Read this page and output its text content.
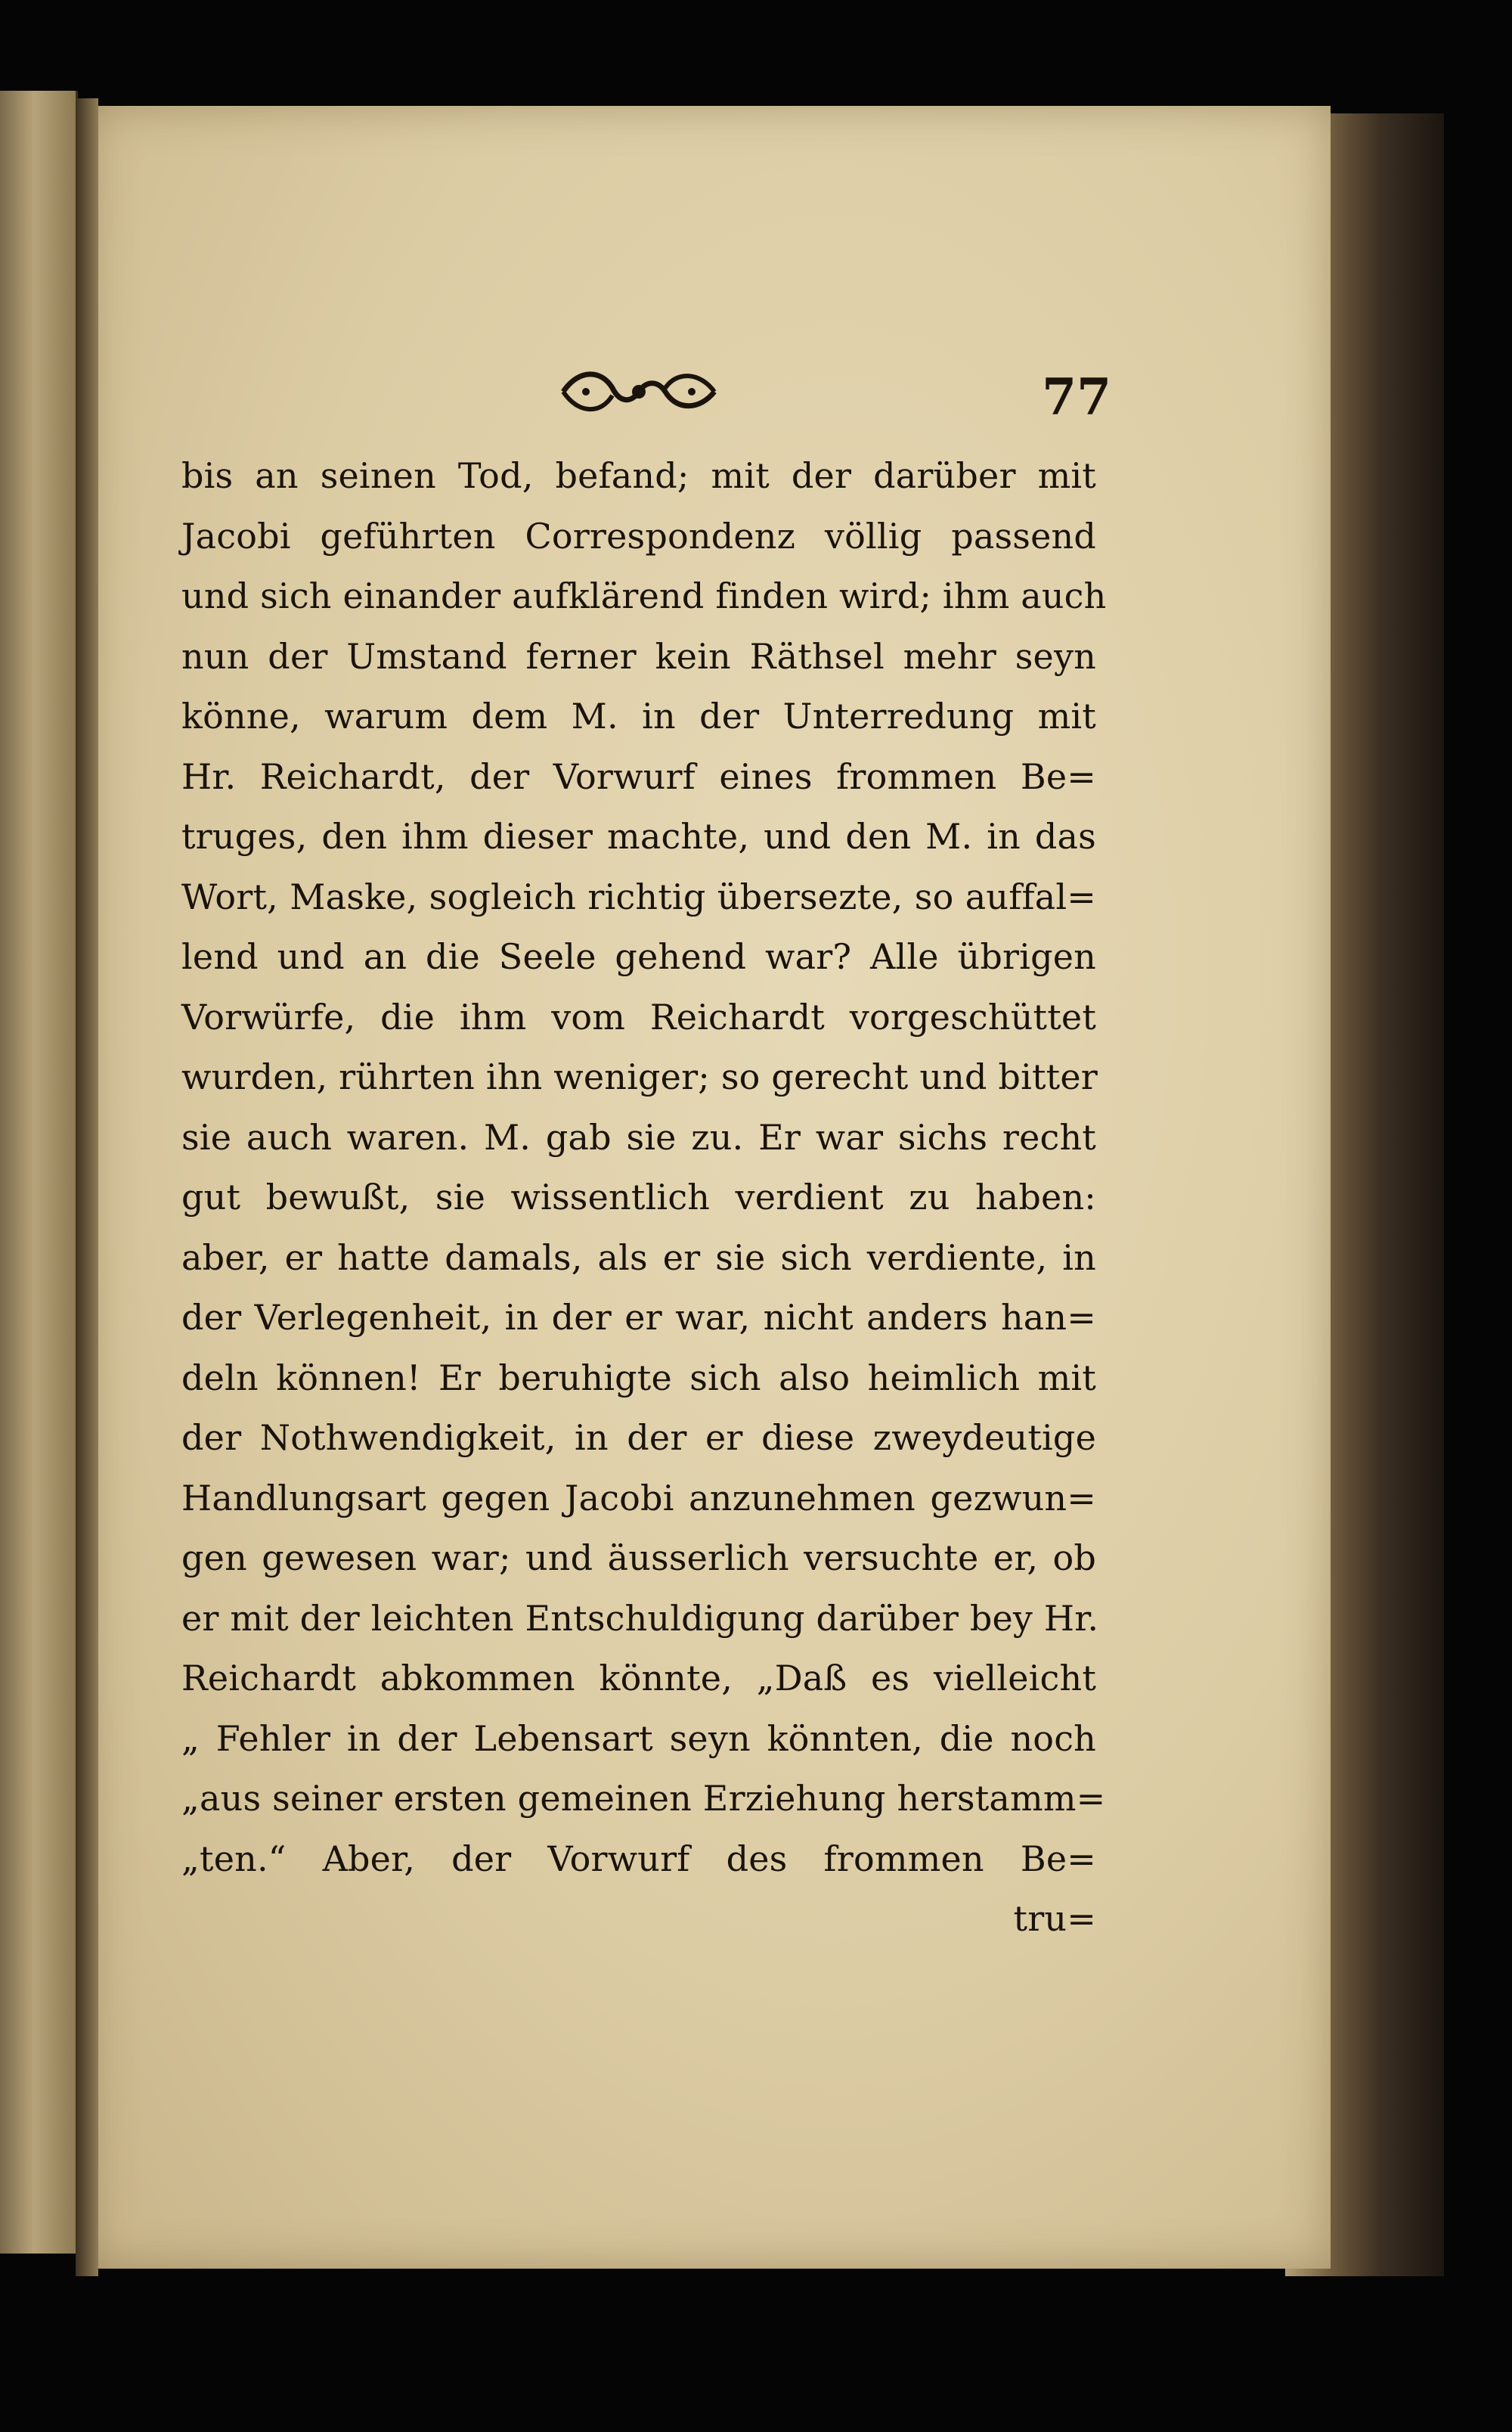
77
bis an seinen Tod, befand; mit der darüber mit
Jacobi geführten Correspondenz völlig passend
und sich einander aufklärend finden wird; ihm auch
nun der Umstand ferner kein Räthsel mehr seyn
könne, warum dem M. in der Unterredung mit
Hr. Reichardt, der Vorwurf eines frommen Be=
truges, den ihm dieser machte, und den M. in das
Wort, Maske, sogleich richtig übersezte, so auffal=
lend und an die Seele gehend war? Alle übrigen
Vorwürfe, die ihm vom Reichardt vorgeschüttet
wurden, rührten ihn weniger; so gerecht und bitter
sie auch waren. M. gab sie zu. Er war sichs recht
gut bewußt, sie wissentlich verdient zu haben:
aber, er hatte damals, als er sie sich verdiente, in
der Verlegenheit, in der er war, nicht anders han=
deln können! Er beruhigte sich also heimlich mit
der Nothwendigkeit, in der er diese zweydeutige
Handlungsart gegen Jacobi anzunehmen gezwun=
gen gewesen war; und äusserlich versuchte er, ob
er mit der leichten Entschuldigung darüber bey Hr.
Reichardt abkommen könnte, „Daß es vielleicht
„ Fehler in der Lebensart seyn könnten, die noch
„aus seiner ersten gemeinen Erziehung herstamm=
„ten.“ Aber, der Vorwurf des frommen Be=
tru=
